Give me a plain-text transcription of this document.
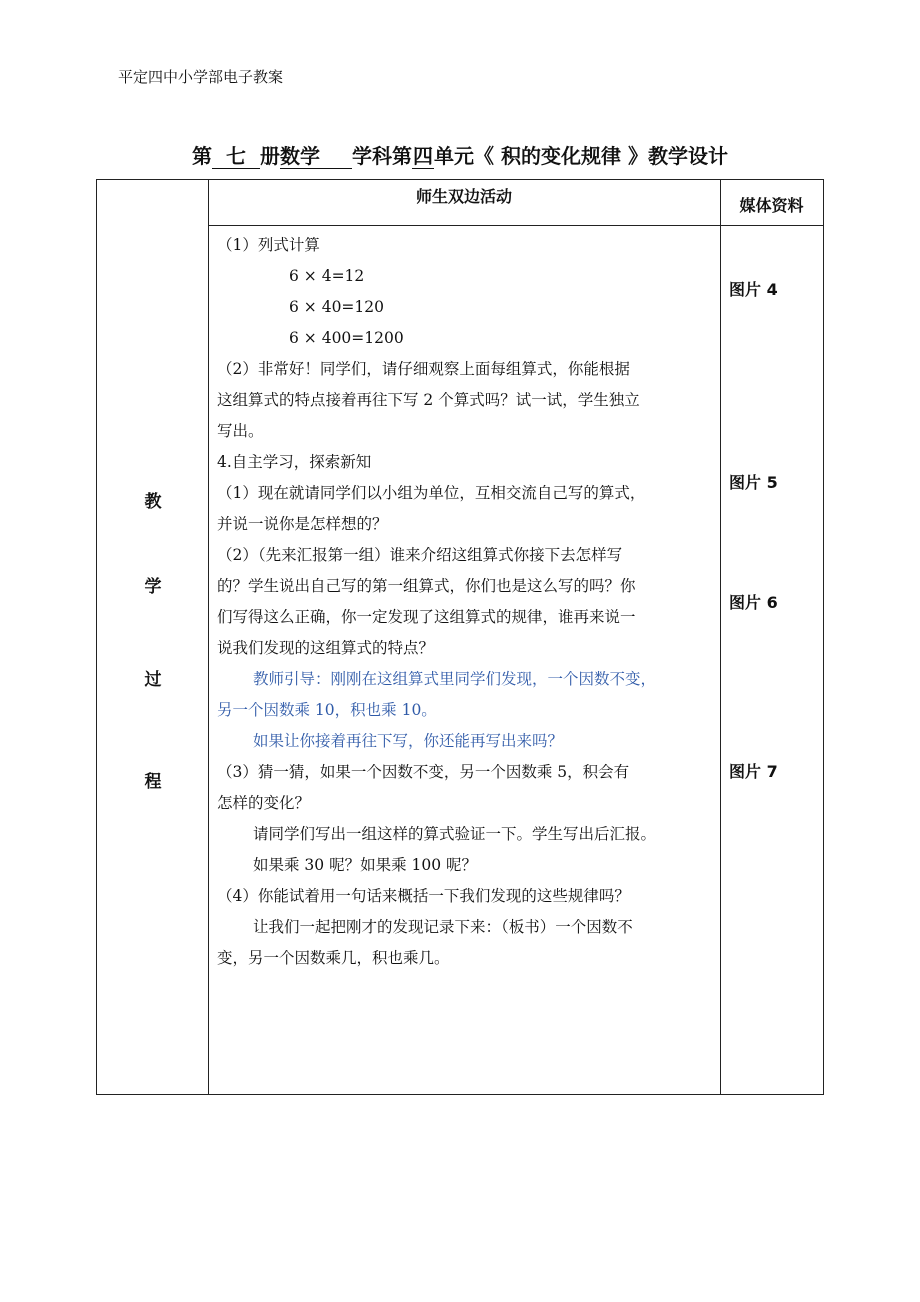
平定四中小学部电子教案
第 七 册数学 学科第四单元《 积的变化规律 》教学设计
师生双边活动	媒体资料
教
学
过
程

（1）列式计算

6 × 4=12

6 × 40=120

6 × 400=1200

（2）非常好！同学们，请仔细观察上面每组算式，你能根据

这组算式的特点接着再往下写 2 个算式吗？试一试，学生独立

写出。

4.自主学习，探索新知

（1）现在就请同学们以小组为单位，互相交流自己写的算式，

并说一说你是怎样想的？

（2）（先来汇报第一组）谁来介绍这组算式你接下去怎样写

的？学生说出自己写的第一组算式，你们也是这么写的吗？你

们写得这么正确，你一定发现了这组算式的规律，谁再来说一

说我们发现的这组算式的特点？

教师引导：刚刚在这组算式里同学们发现，一个因数不变，

另一个因数乘 10，积也乘 10。

如果让你接着再往下写，你还能再写出来吗？

（3）猜一猜，如果一个因数不变，另一个因数乘 5，积会有

怎样的变化？

请同学们写出一组这样的算式验证一下。学生写出后汇报。

如果乘 30 呢？如果乘 100 呢？

（4）你能试着用一句话来概括一下我们发现的这些规律吗？

让我们一起把刚才的发现记录下来：（板书）一个因数不

变，另一个因数乘几，积也乘几。

图片 4
图片 5
图片 6
图片 7
